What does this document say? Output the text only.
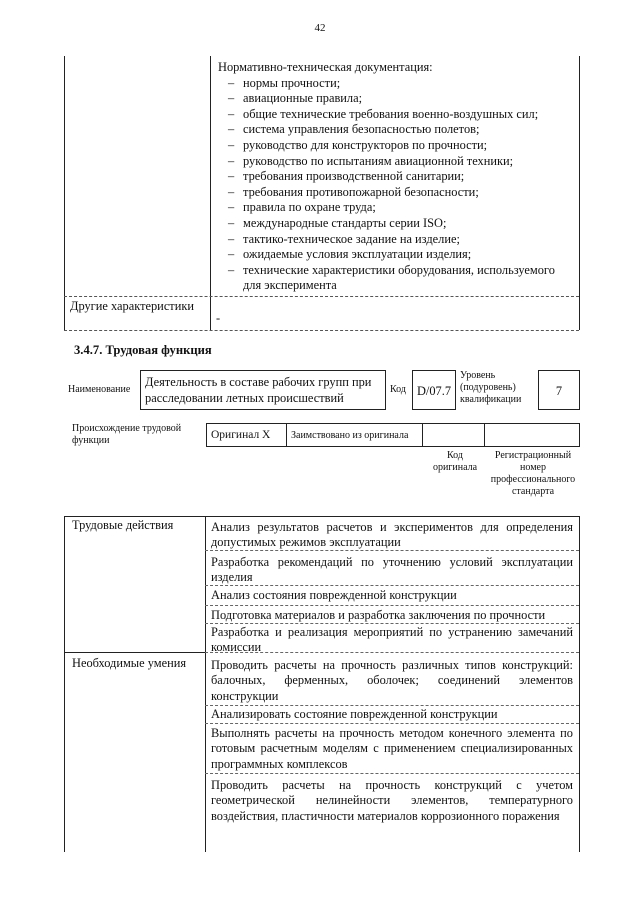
42

Нормативно-техническая документация:

– нормы прочности;
– авиационные правила;
– общие технические требования военно-воздушных сил;
– система управления безопасностью полетов;
– руководство для конструкторов по прочности;
– руководство по испытаниям авиационной техники;
– требования производственной санитарии;
– требования противопожарной безопасности;
– правила по охране труда;
– международные стандарты серии ISO;
– тактико-техническое задание на изделие;
– ожидаемые условия эксплуатации изделия;
– технические характеристики оборудования, используемого для эксперимента
Другие характеристики
-
3.4.7. Трудовая функция
Наименование
Деятельность в составе рабочих групп при расследовании летных происшествий
Код D/07.7
Уровень (подуровень) квалификации
7
Происхождение трудовой функции	Оригинал X	Заимствовано из оригинала
Код оригинала
Регистрационный номер профессионального стандарта
Трудовые действия
Необходимые умения
Анализ результатов расчетов и экспериментов для определения допустимых режимов эксплуатации
Разработка рекомендаций по уточнению условий эксплуатации изделия
Анализ состояния поврежденной конструкции
Подготовка материалов и разработка заключения по прочности
Разработка и реализация мероприятий по устранению замечаний комиссии
Проводить расчеты на прочность различных типов конструкций: балочных, ферменных, оболочек; соединений элементов конструкции
Анализировать состояние поврежденной конструкции
Выполнять расчеты на прочность методом конечного элемента по готовым расчетным моделям с применением специализированных программных комплексов
Проводить расчеты на прочность конструкций с учетом геометрической нелинейности элементов, температурного воздействия, пластичности материалов коррозионного поражения
